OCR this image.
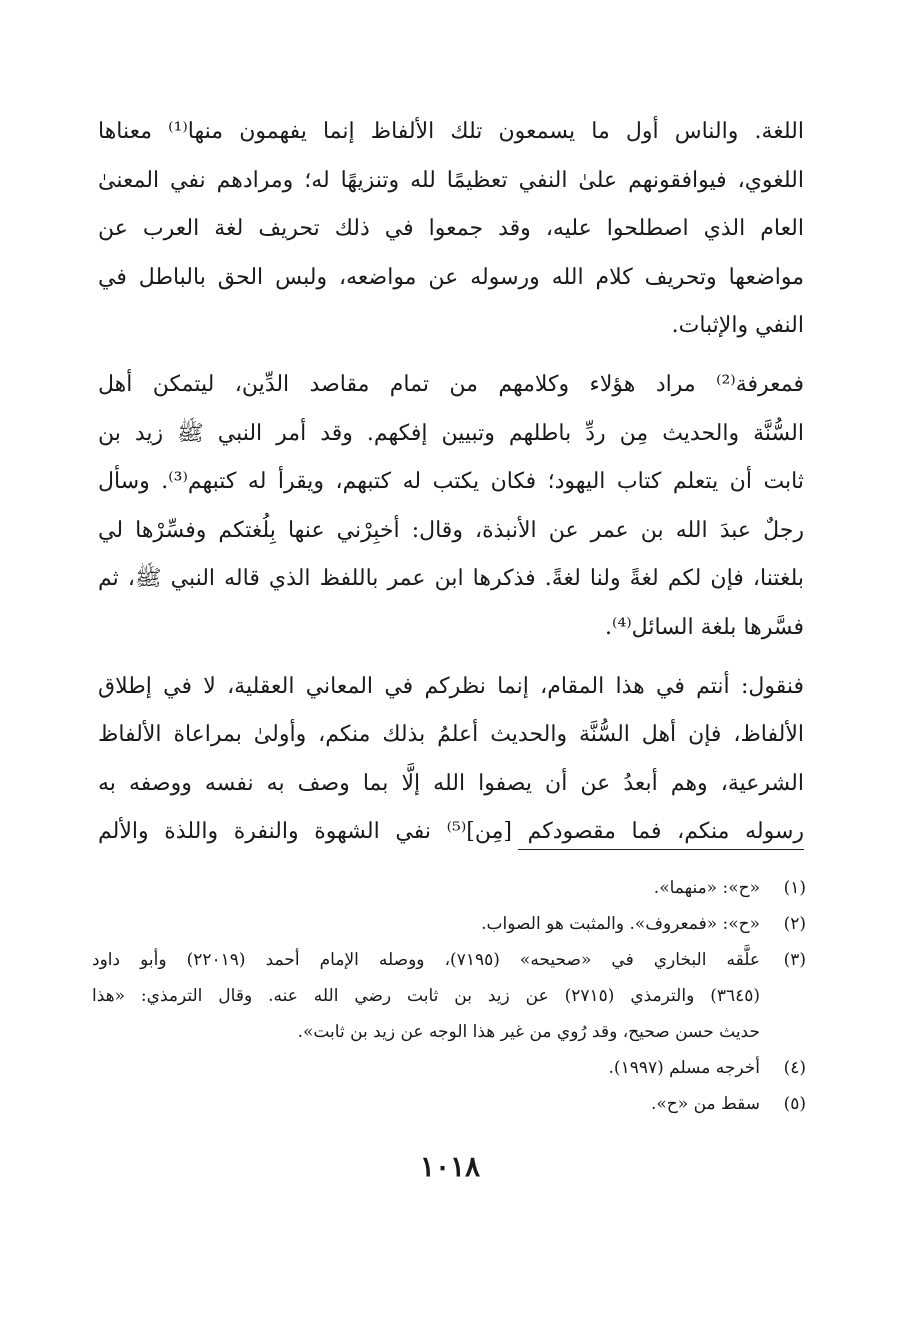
اللغة. والناس أول ما يسمعون تلك الألفاظ إنما يفهمون منها⁽¹⁾ معناها
اللغوي، فيوافقونهم علىٰ النفي تعظيمًا لله وتنزيهًا له؛ ومرادهم نفي المعنىٰ
العام الذي اصطلحوا عليه، وقد جمعوا في ذلك تحريف لغة العرب عن
مواضعها وتحريف كلام الله ورسوله عن مواضعه، ولبس الحق بالباطل في
النفي والإثبات.
فمعرفة⁽²⁾ مراد هؤلاء وكلامهم من تمام مقاصد الدِّين، ليتمكن أهل
السُّنَّة والحديث مِن ردِّ باطلهم وتبيين إفكهم. وقد أمر النبي ﷺ زيد بن
ثابت أن يتعلم كتاب اليهود؛ فكان يكتب له كتبهم، ويقرأ له كتبهم⁽³⁾. وسأل
رجلٌ عبدَ الله بن عمر عن الأنبذة، وقال: أخبِرْني عنها بِلُغتكم وفسِّرْها لي
بلغتنا، فإن لكم لغةً ولنا لغةً. فذكرها ابن عمر باللفظ الذي قاله النبي ﷺ، ثم
فسَّرها بلغة السائل⁽⁴⁾.
فنقول: أنتم في هذا المقام، إنما نظركم في المعاني العقلية، لا في إطلاق
الألفاظ، فإن أهل السُّنَّة والحديث أعلمُ بذلك منكم، وأولىٰ بمراعاة الألفاظ
الشرعية، وهم أبعدُ عن أن يصفوا الله إلَّا بما وصف به نفسه ووصفه به
رسوله منكم، فما مقصودكم [مِن]⁽⁵⁾ نفي الشهوة والنفرة واللذة والألم
(١)
«ح»: «منهما».
(٢)
«ح»: «فمعروف». والمثبت هو الصواب.
(٣)
علَّقه البخاري في «صحيحه» (٧١٩٥)، ووصله الإمام أحمد (٢٢٠١٩) وأبو داود
(٣٦٤٥) والترمذي (٢٧١٥) عن زيد بن ثابت رضي الله عنه. وقال الترمذي: «هذا
حديث حسن صحيح، وقد رُوي من غير هذا الوجه عن زيد بن ثابت».
(٤)
أخرجه مسلم (١٩٩٧).
(٥)
سقط من «ح».
١٠١٨
